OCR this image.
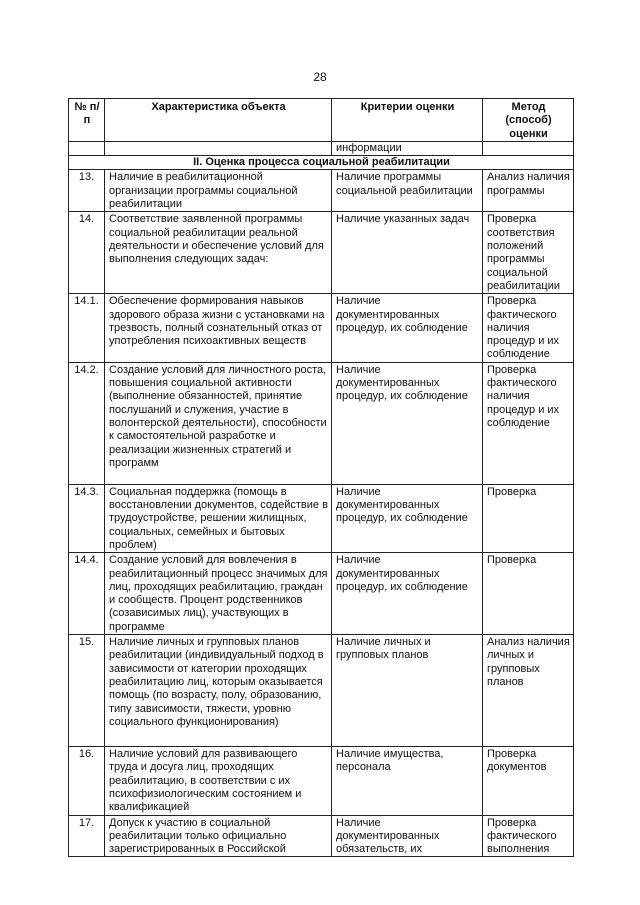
28
№ п/п	Характеристика объекта	Критерии оценки	Метод (способ) оценки
		информации	
II. Оценка процесса социальной реабилитации			
13.	Наличие в реабилитационной организации программы социальной реабилитации	Наличие программы социальной реабилитации	Анализ наличия программы
14.	Соответствие заявленной программы социальной реабилитации реальной деятельности и обеспечение условий для выполнения следующих задач:	Наличие указанных задач	Проверка соответствия положений программы социальной реабилитации
14.1.	Обеспечение формирования навыков здорового образа жизни с установками на трезвость, полный сознательный отказ от употребления психоактивных веществ	Наличие документированных процедур, их соблюдение	Проверка фактического наличия процедур и их соблюдение
14.2.	Создание условий для личностного роста, повышения социальной активности (выполнение обязанностей, принятие послушаний и служения, участие в волонтерской деятельности), способности к самостоятельной разработке и реализации жизненных стратегий и программ	Наличие документированных процедур, их соблюдение	Проверка фактического наличия процедур и их соблюдение
14.3.	Социальная поддержка (помощь в восстановлении документов, содействие в трудоустройстве, решении жилищных, социальных, семейных и бытовых проблем)	Наличие документированных процедур, их соблюдение	Проверка
14.4.	Создание условий для вовлечения в реабилитационный процесс значимых для лиц, проходящих реабилитацию, граждан и сообществ. Процент родственников (созависимых лиц), участвующих в программе	Наличие документированных процедур, их соблюдение	Проверка
15.	Наличие личных и групповых планов реабилитации (индивидуальный подход в зависимости от категории проходящих реабилитацию лиц, которым оказывается помощь (по возрасту, полу, образованию, типу зависимости, тяжести, уровню социального функционирования)	Наличие личных и групповых планов	Анализ наличия личных и групповых планов
16.	Наличие условий для развивающего труда и досуга лиц, проходящих реабилитацию, в соответствии с их психофизиологическим состоянием и квалификацией	Наличие имущества, персонала	Проверка документов
17.	Допуск к участию в социальной реабилитации только официально зарегистрированных в Российской	Наличие документированных обязательств, их	Проверка фактического выполнения
